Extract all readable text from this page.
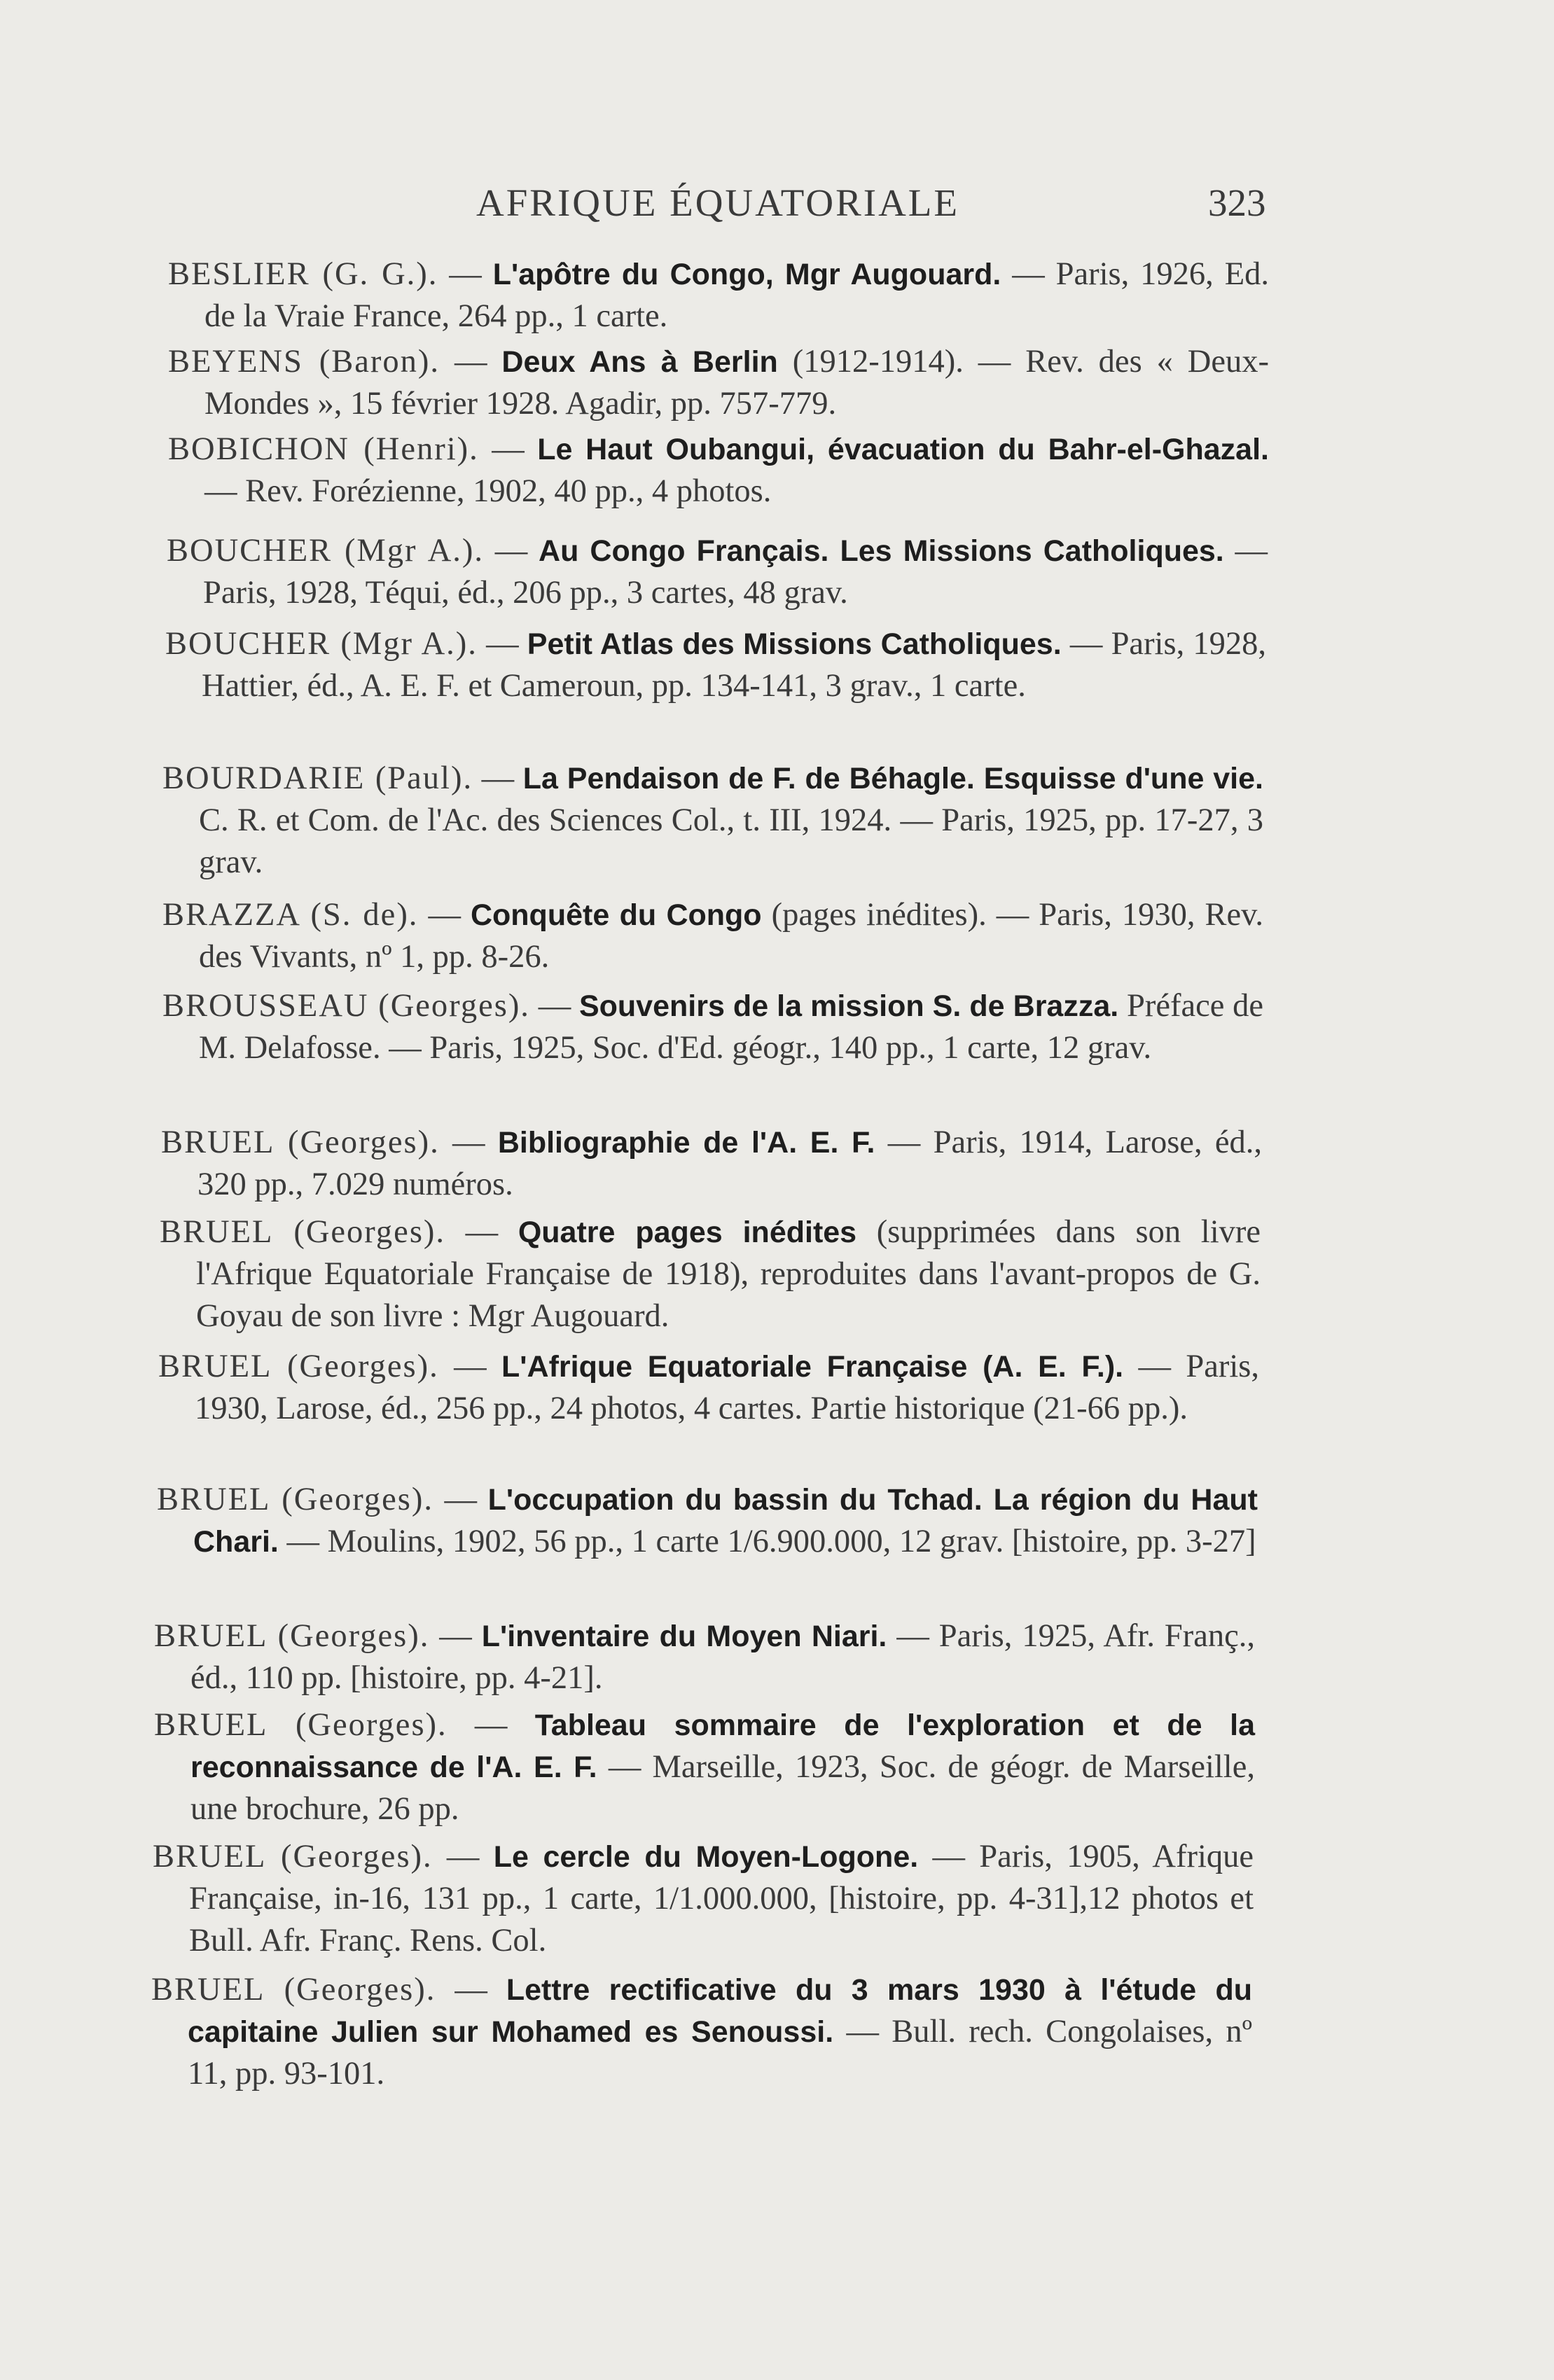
AFRIQUE ÉQUATORIALE	323

BESLIER (G. G.). — L'apôtre du Congo, Mgr Augouard. — Paris, 1926, Ed. de la Vraie France, 264 pp., 1 carte.

BEYENS (Baron). — Deux Ans à Berlin (1912-1914). — Rev. des « Deux-Mondes », 15 février 1928. Agadir, pp. 757-779.

BOBICHON (Henri). — Le Haut Oubangui, évacuation du Bahr-el-Ghazal. — Rev. Forézienne, 1902, 40 pp., 4 photos.

BOUCHER (Mgr A.). — Au Congo Français. Les Missions Catholiques. — Paris, 1928, Téqui, éd., 206 pp., 3 cartes, 48 grav.

BOUCHER (Mgr A.). — Petit Atlas des Missions Catholiques. — Paris, 1928, Hattier, éd., A. E. F. et Cameroun, pp. 134-141, 3 grav., 1 carte.

BOURDARIE (Paul). — La Pendaison de F. de Béhagle. Esquisse d'une vie. C. R. et Com. de l'Ac. des Sciences Col., t. III, 1924. — Paris, 1925, pp. 17-27, 3 grav.

BRAZZA (S. de). — Conquête du Congo (pages inédites). — Paris, 1930, Rev. des Vivants, nº 1, pp. 8-26.

BROUSSEAU (Georges). — Souvenirs de la mission S. de Brazza. Préface de M. Delafosse. — Paris, 1925, Soc. d'Ed. géogr., 140 pp., 1 carte, 12 grav.

BRUEL (Georges). — Bibliographie de l'A. E. F. — Paris, 1914, Larose, éd., 320 pp., 7.029 numéros.

BRUEL (Georges). — Quatre pages inédites (supprimées dans son livre l'Afrique Equatoriale Française de 1918), reproduites dans l'avant-propos de G. Goyau de son livre : Mgr Augouard.

BRUEL (Georges). — L'Afrique Equatoriale Française (A. E. F.). — Paris, 1930, Larose, éd., 256 pp., 24 photos, 4 cartes. Partie historique (21-66 pp.).

BRUEL (Georges). — L'occupation du bassin du Tchad. La région du Haut Chari. — Moulins, 1902, 56 pp., 1 carte 1/6.900.000, 12 grav. [histoire, pp. 3-27]

BRUEL (Georges). — L'inventaire du Moyen Niari. — Paris, 1925, Afr. Franç., éd., 110 pp. [histoire, pp. 4-21].

BRUEL (Georges). — Tableau sommaire de l'exploration et de la reconnaissance de l'A. E. F. — Marseille, 1923, Soc. de géogr. de Marseille, une brochure, 26 pp.

BRUEL (Georges). — Le cercle du Moyen-Logone. — Paris, 1905, Afrique Française, in-16, 131 pp., 1 carte, 1/1.000.000, [histoire, pp. 4-31],12 photos et Bull. Afr. Franç. Rens. Col.

BRUEL (Georges). — Lettre rectificative du 3 mars 1930 à l'étude du capitaine Julien sur Mohamed es Senoussi. — Bull. rech. Congolaises, nº 11, pp. 93-101.
